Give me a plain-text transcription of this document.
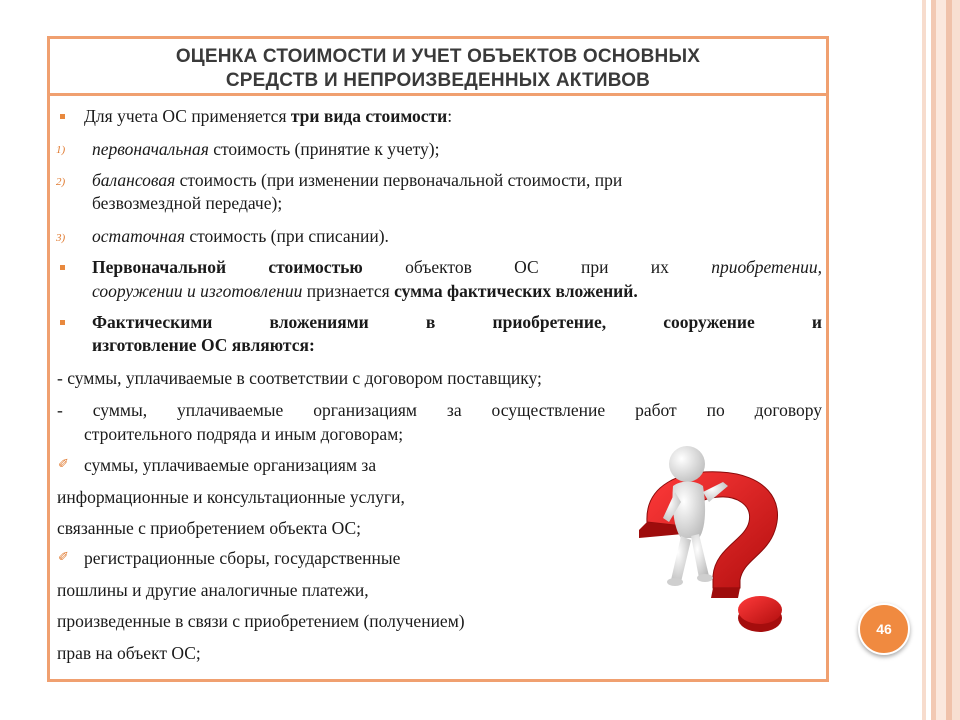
ОЦЕНКА СТОИМОСТИ И УЧЕТ ОБЪЕКТОВ ОСНОВНЫХ
СРЕДСТВ И НЕПРОИЗВЕДЕННЫХ АКТИВОВ
Для учета ОС применяется три вида стоимости:
1) первоначальная стоимость (принятие к учету);
2) балансовая стоимость (при изменении первоначальной стоимости, при
безвозмездной передаче);
3) остаточная стоимость (при списании).
Первоначальной стоимостью объектов ОС при их приобретении,
сооружении и изготовлении признается сумма фактических вложений.
Фактическими вложениями в приобретение, сооружение и
изготовление ОС являются:
- суммы, уплачиваемые в соответствии с договором поставщику;
- суммы, уплачиваемые организациям за осуществление работ по договору
строительного подряда и иным договорам;
✐ суммы, уплачиваемые организациям за
информационные и консультационные услуги,
связанные с приобретением объекта ОС;
✐ регистрационные сборы, государственные
пошлины и другие аналогичные платежи,
произведенные в связи с приобретением (получением)
прав на объект ОС;
46
